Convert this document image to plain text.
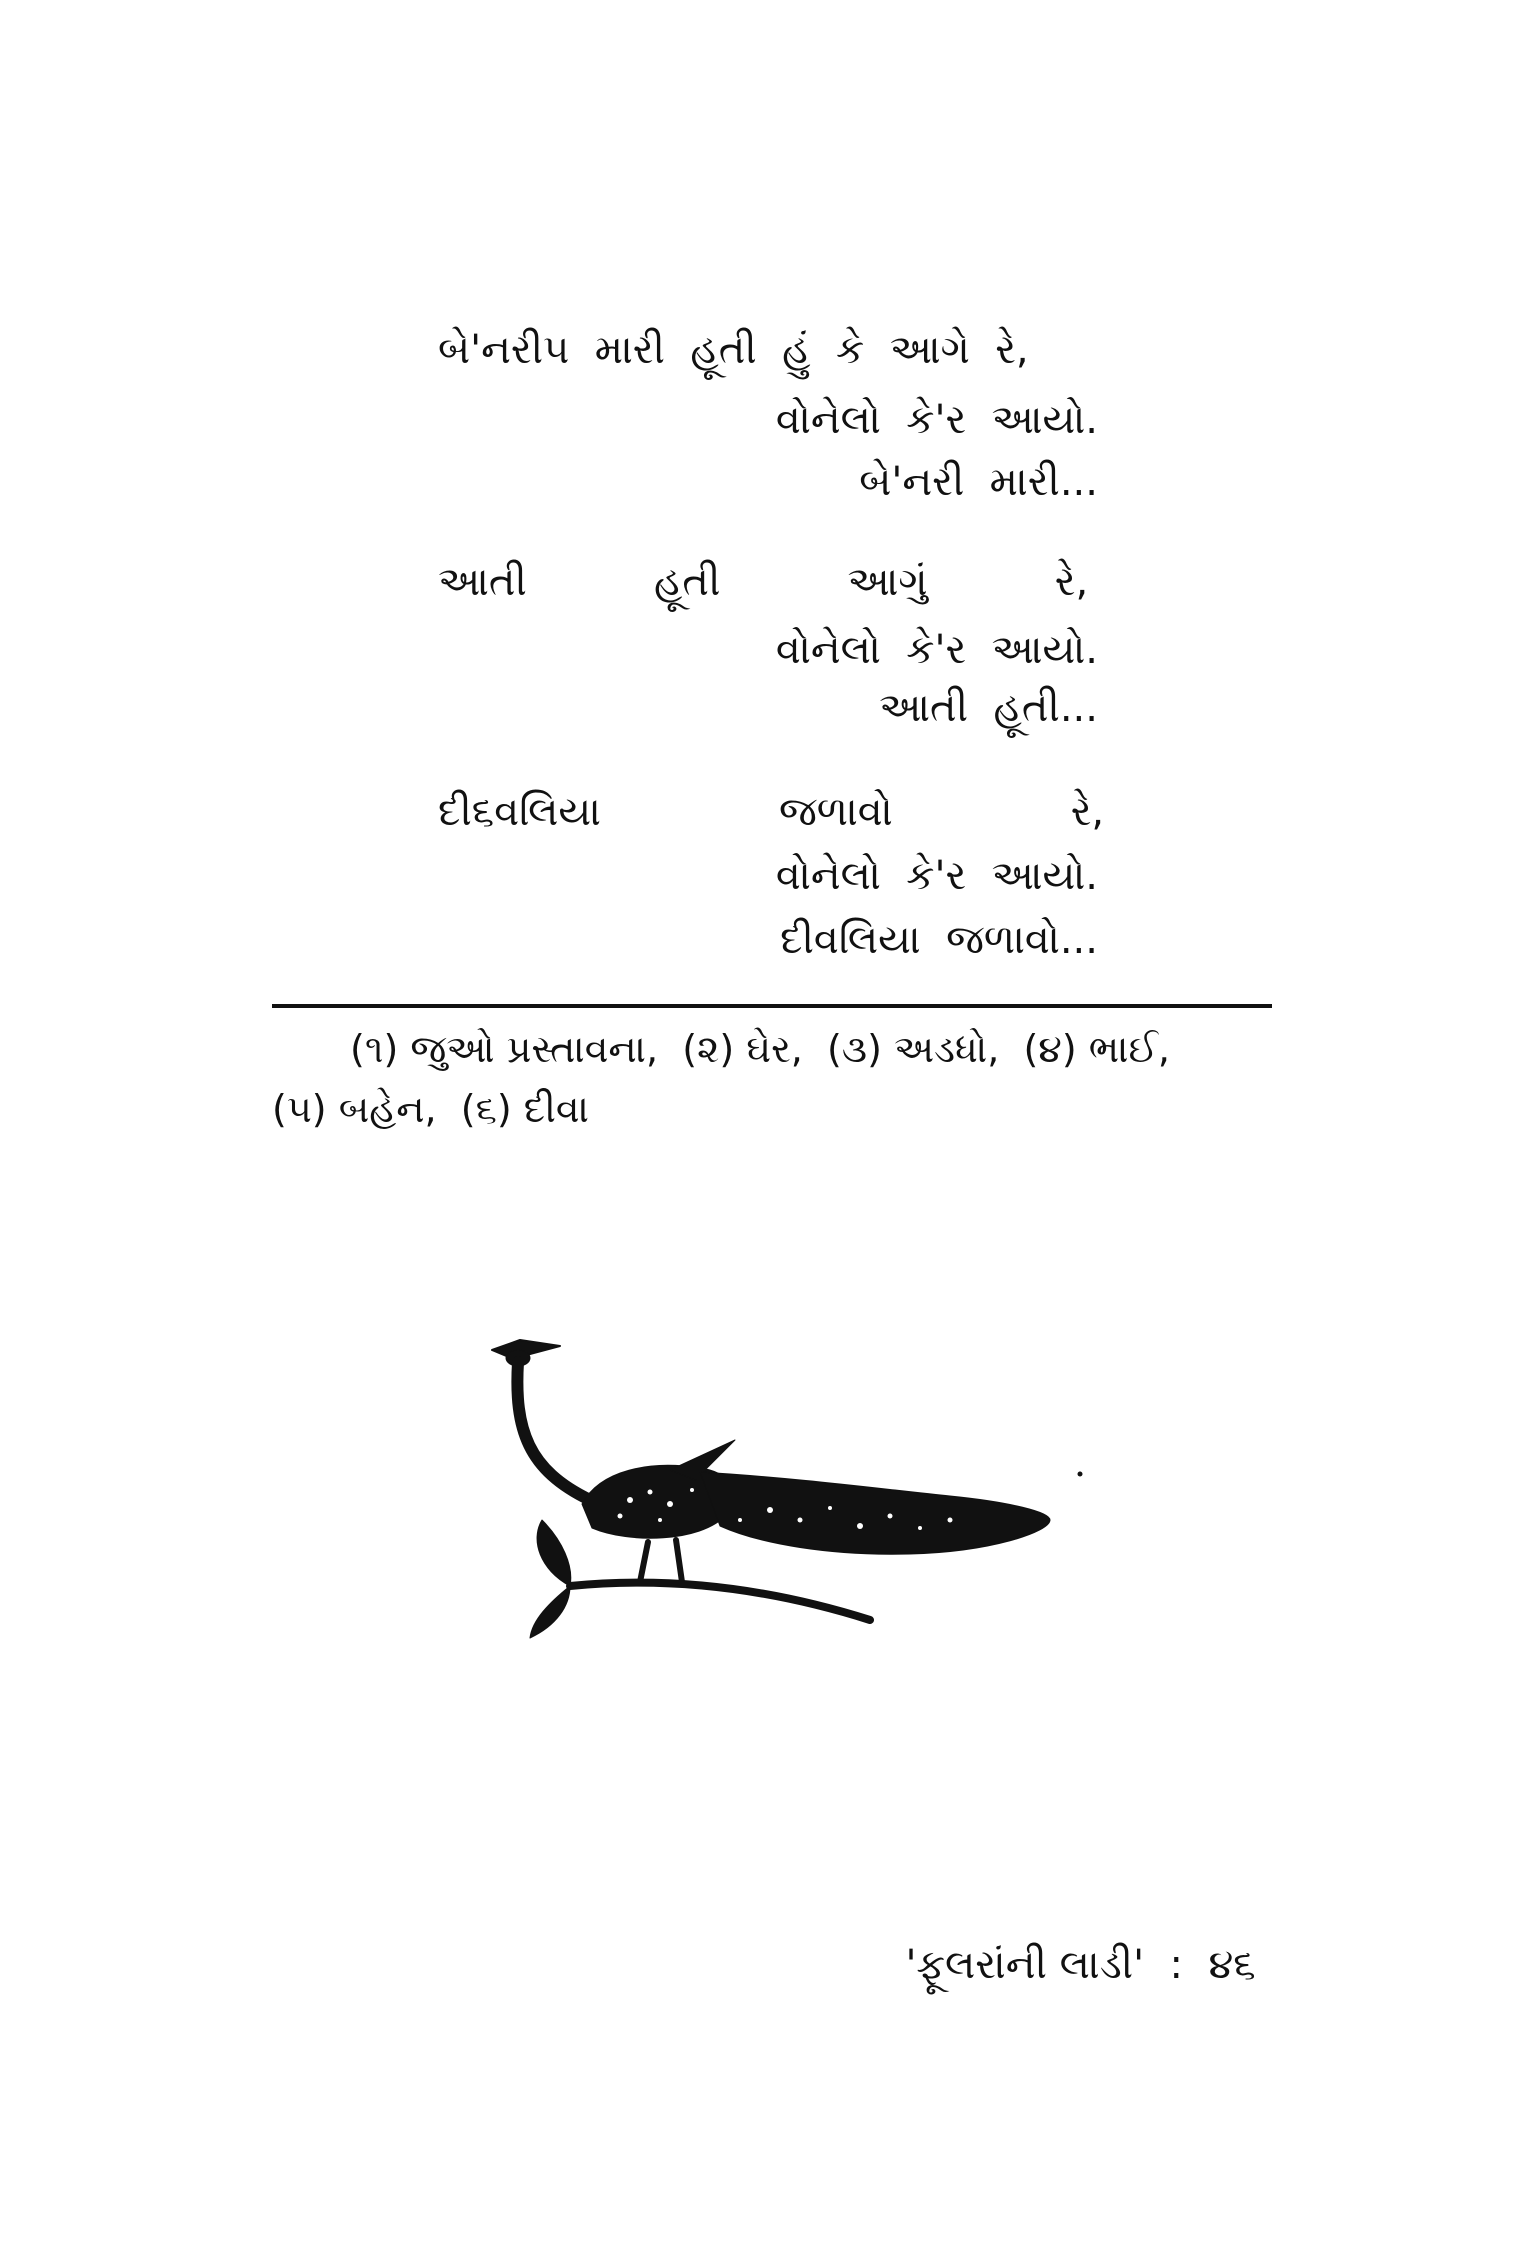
બે'નરી૫  મારી  હૂતી  હું  કે  આગે  રે,

વોનેલો  કે'ર  આયો.

બે'નરી  મારી...

આતી          હૂતી          આગું          રે,

વોનેલો  કે'ર  આયો.

આતી  હૂતી...

દી૬વલિયા              જળાવો              રે,

વોનેલો  કે'ર  આયો.

દીવલિયા  જળાવો...

(૧) જુઓ પ્રસ્તાવના,  (૨) ઘેર,  (૩) અડધો,  (૪) ભાઈ,

(૫) બહેન,  (૬) દીવા

'ફૂલરાંની લાડી' : ૪૬
